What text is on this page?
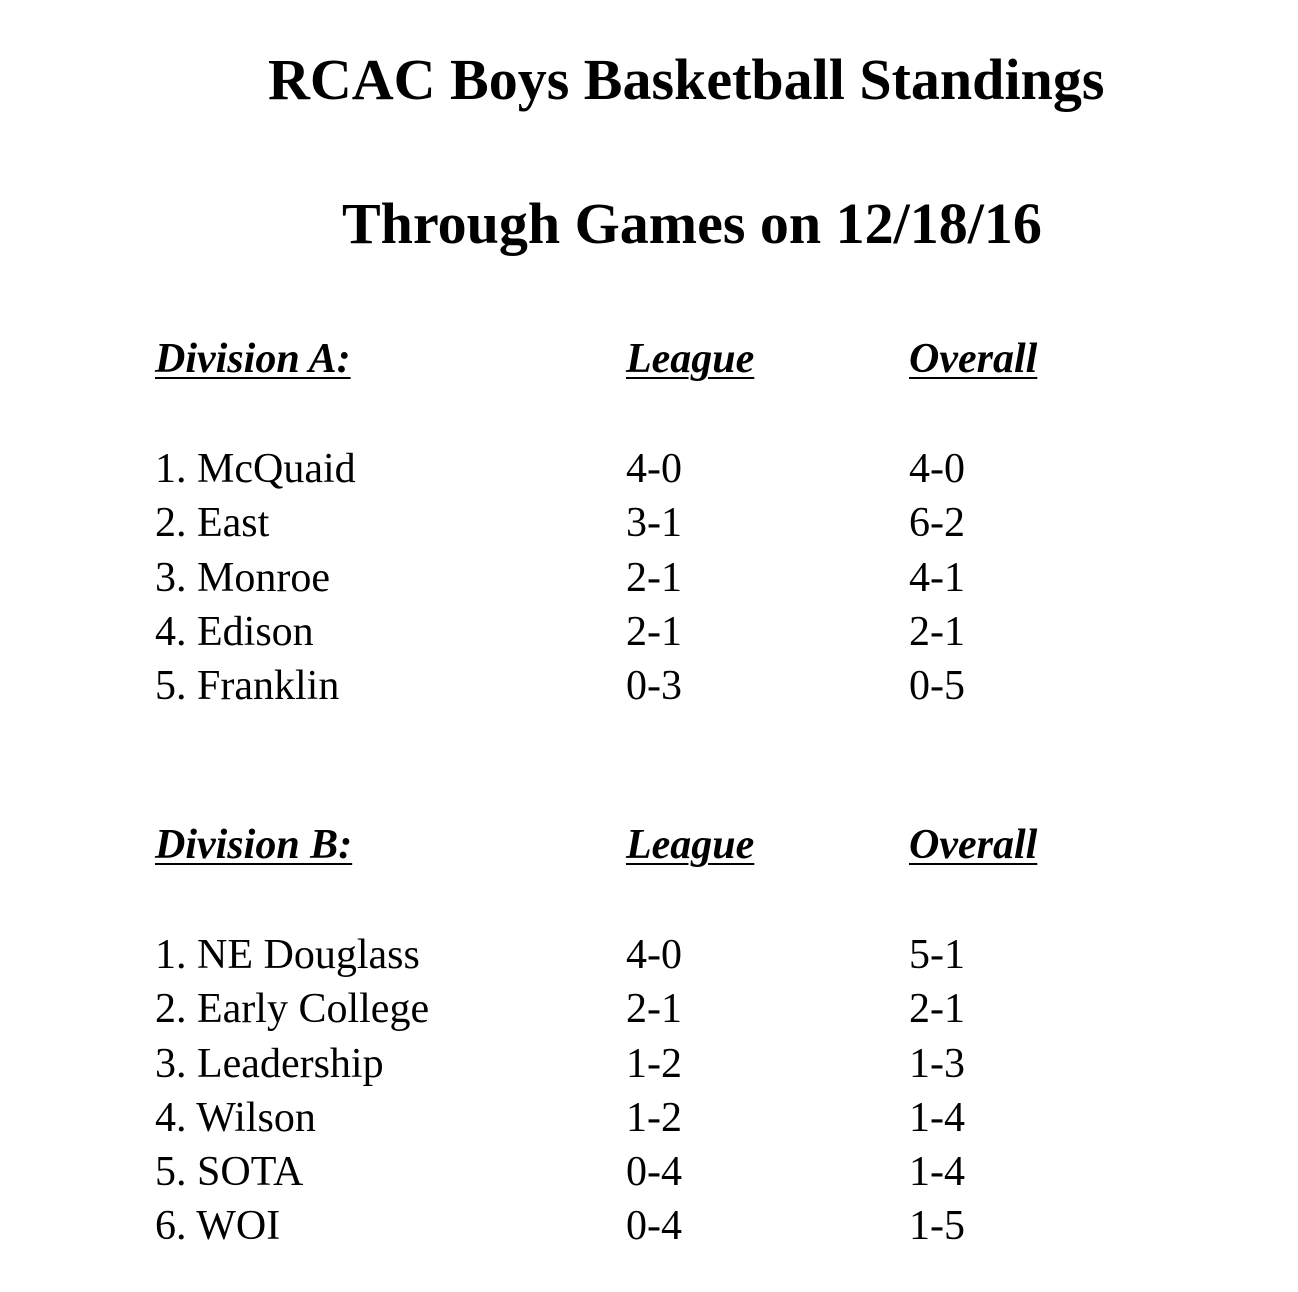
RCAC Boys Basketball Standings
Through Games on 12/18/16
Division A:	League	Overall
1. McQuaid	4-0	4-0
2. East	3-1	6-2
3. Monroe	2-1	4-1
4. Edison	2-1	2-1
5. Franklin	0-3	0-5
Division B:	League	Overall
1. NE Douglass	4-0	5-1
2. Early College	2-1	2-1
3. Leadership	1-2	1-3
4. Wilson	1-2	1-4
5. SOTA	0-4	1-4
6. WOI	0-4	1-5
